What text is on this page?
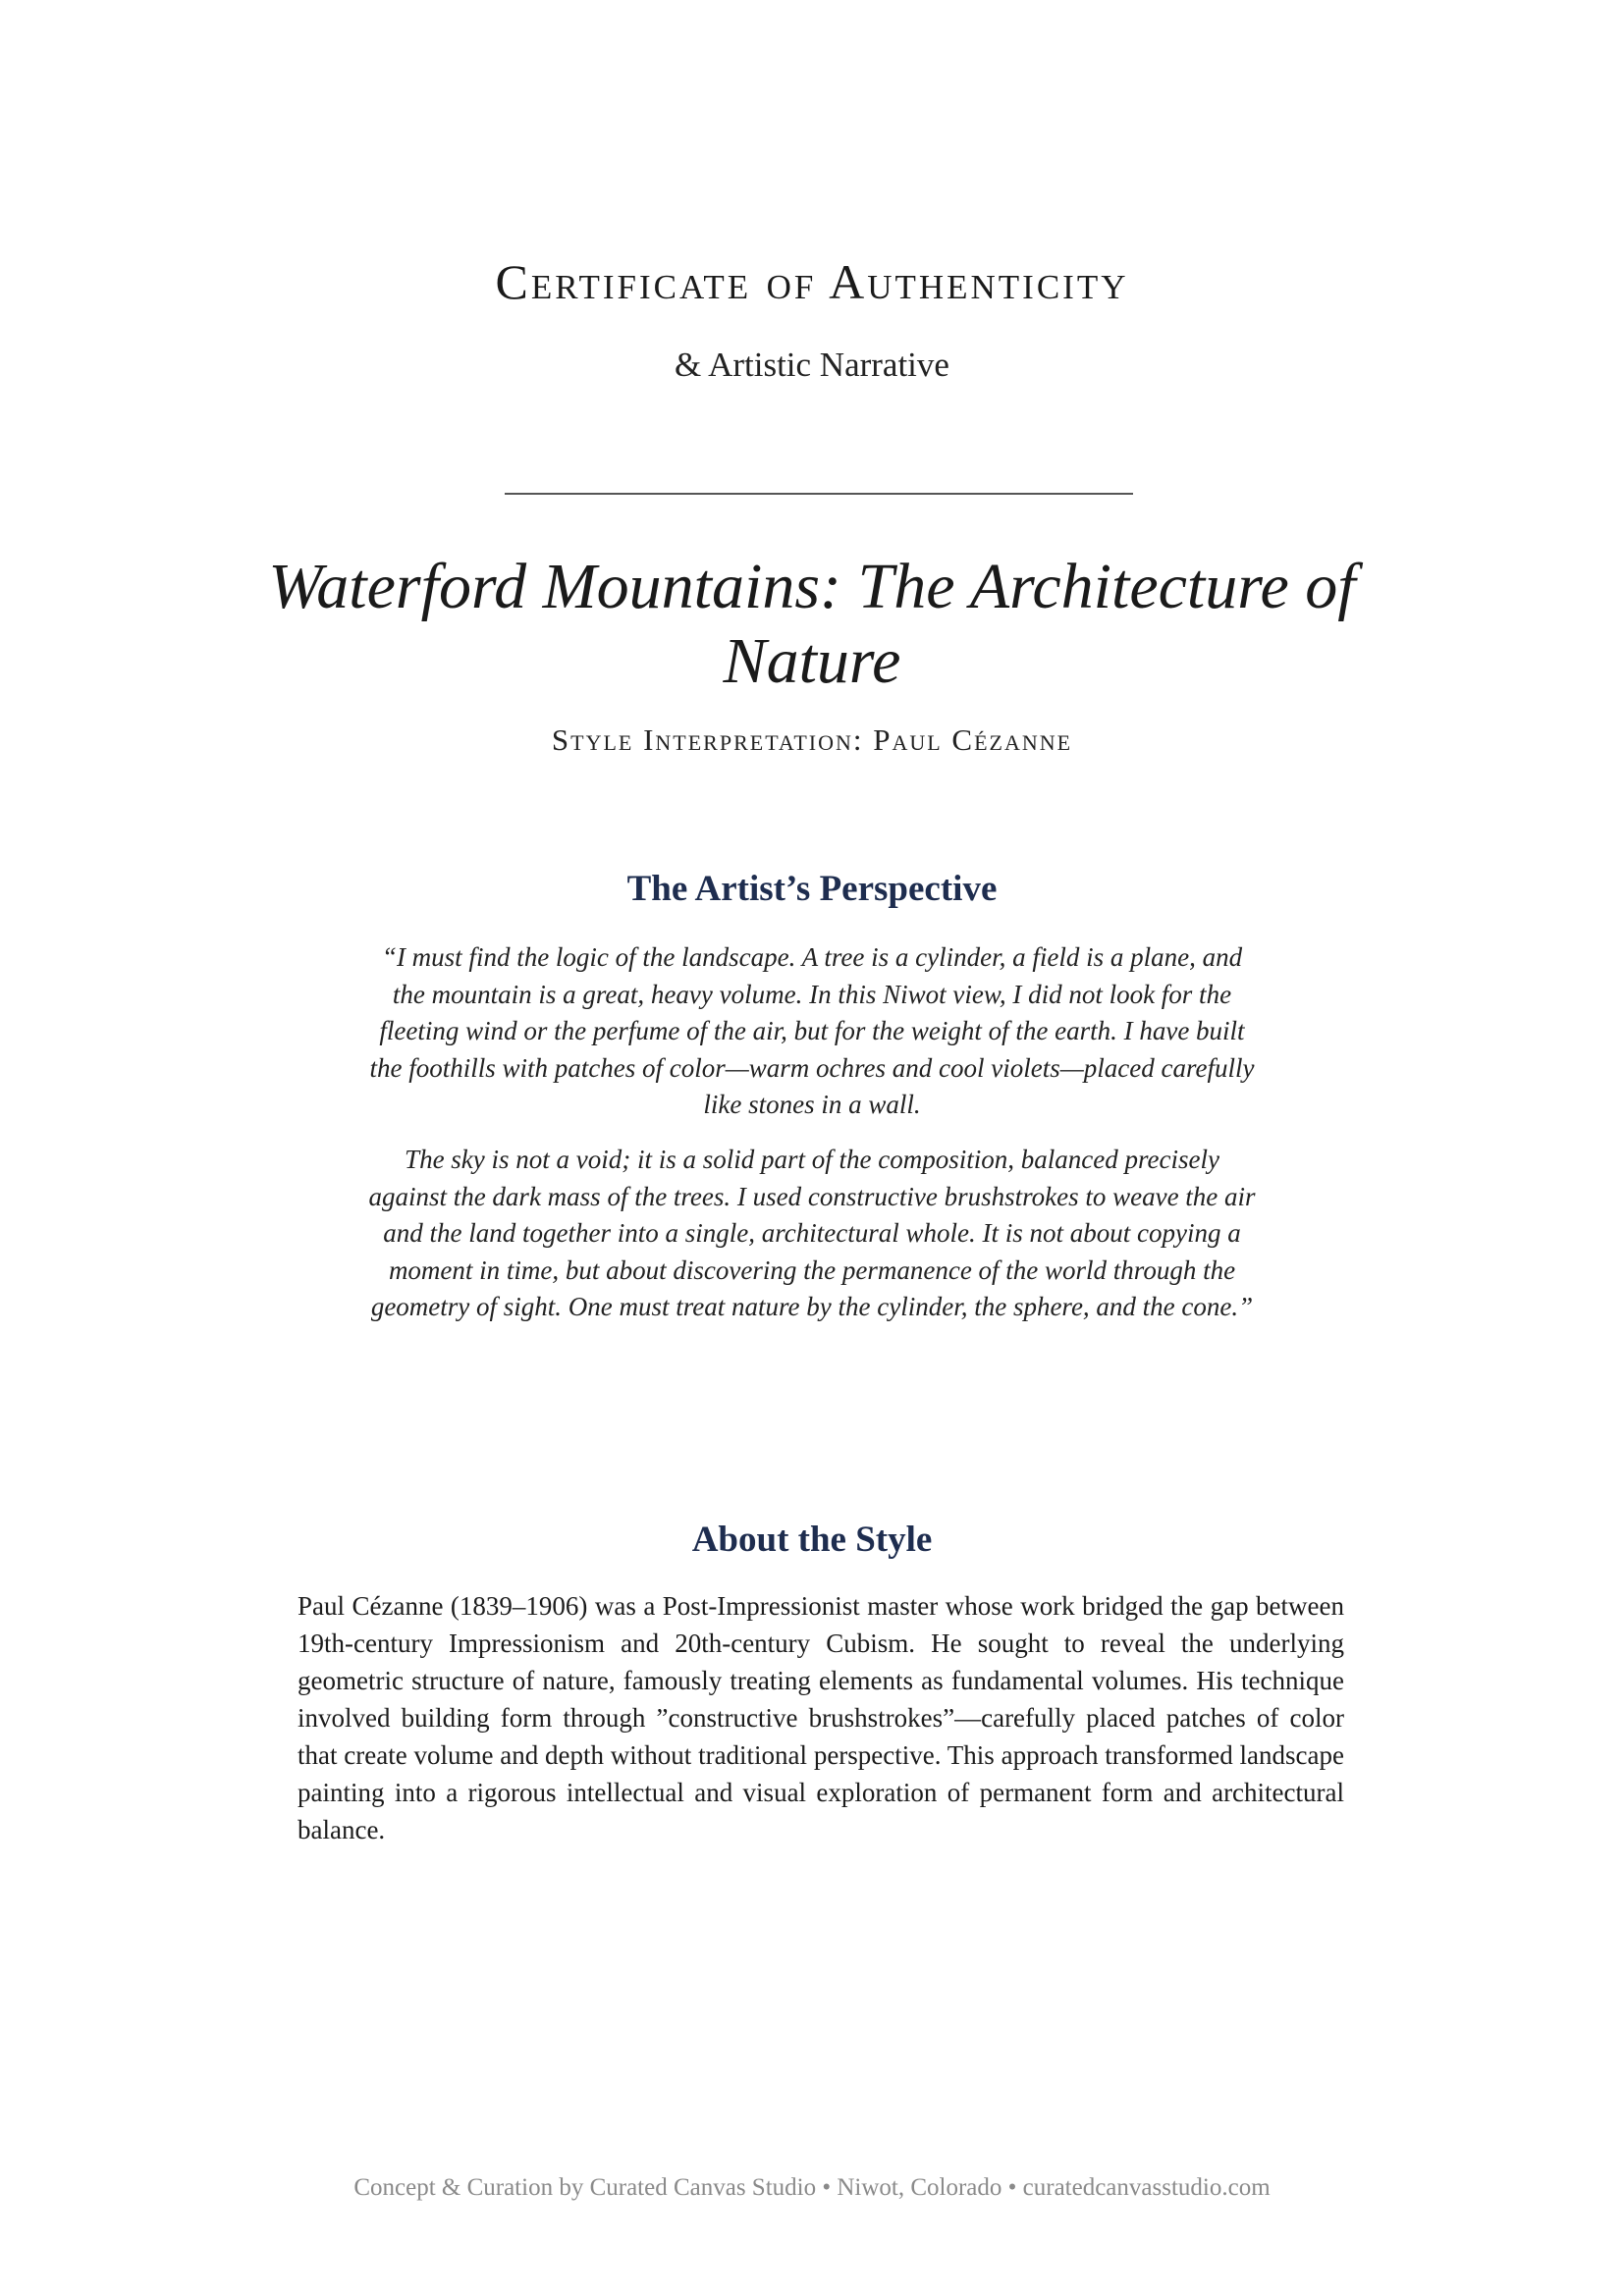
Certificate of Authenticity

& Artistic Narrative

Waterford Mountains: The Architecture of Nature

Style Interpretation: Paul Cézanne

The Artist’s Perspective

“I must find the logic of the landscape. A tree is a cylinder, a field is a plane, and the mountain is a great, heavy volume. In this Niwot view, I did not look for the fleeting wind or the perfume of the air, but for the weight of the earth. I have built the foothills with patches of color—warm ochres and cool violets—placed carefully like stones in a wall.

The sky is not a void; it is a solid part of the composition, balanced precisely against the dark mass of the trees. I used constructive brushstrokes to weave the air and the land together into a single, architectural whole. It is not about copying a moment in time, but about discovering the permanence of the world through the geometry of sight. One must treat nature by the cylinder, the sphere, and the cone.”

About the Style

Paul Cézanne (1839–1906) was a Post-Impressionist master whose work bridged the gap between 19th-century Impressionism and 20th-century Cubism. He sought to reveal the underlying geometric structure of nature, famously treating elements as fundamental volumes. His technique involved building form through ”constructive brushstrokes”—carefully placed patches of color that create volume and depth without traditional perspective. This approach transformed landscape painting into a rigorous intellectual and visual exploration of permanent form and architectural balance.

Concept & Curation by Curated Canvas Studio • Niwot, Colorado • curatedcanvasstudio.com
